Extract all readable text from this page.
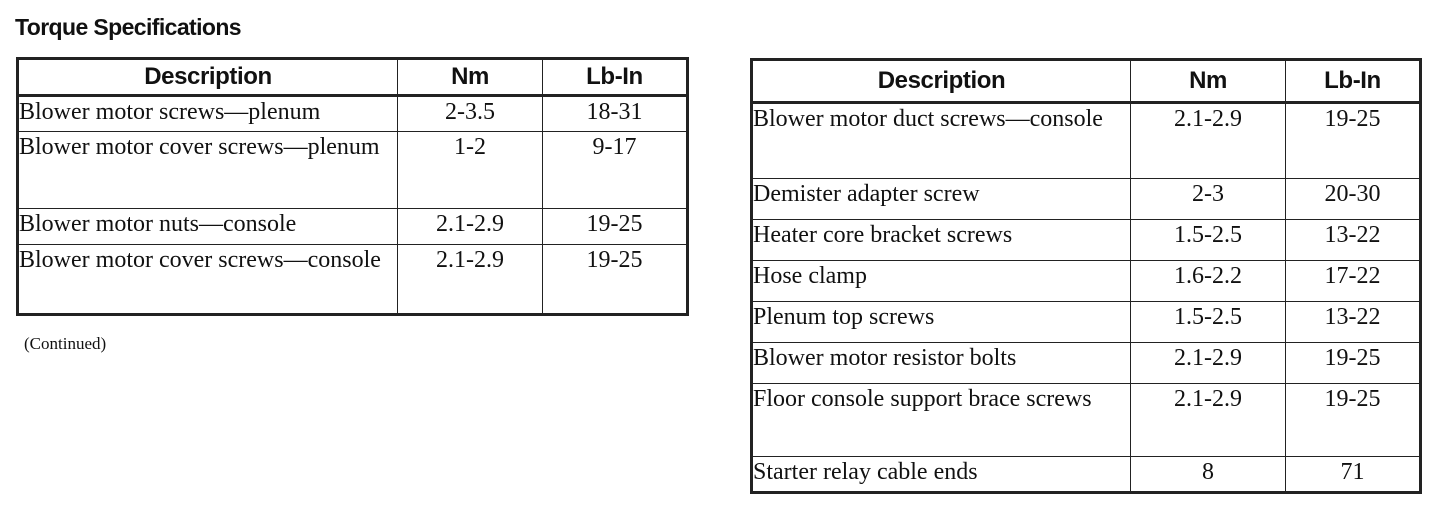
Torque Specifications
Description	Nm	Lb-In
Blower motor screws—plenum	2-3.5	18-31
Blower motor cover screws—plenum	1-2	9-17
Blower motor nuts—console	2.1-2.9	19-25
Blower motor cover screws—console	2.1-2.9	19-25
(Continued)
Description	Nm	Lb-In
Blower motor duct screws—console	2.1-2.9	19-25
Demister adapter screw	2-3	20-30
Heater core bracket screws	1.5-2.5	13-22
Hose clamp	1.6-2.2	17-22
Plenum top screws	1.5-2.5	13-22
Blower motor resistor bolts	2.1-2.9	19-25
Floor console support brace screws	2.1-2.9	19-25
Starter relay cable ends	8	71
